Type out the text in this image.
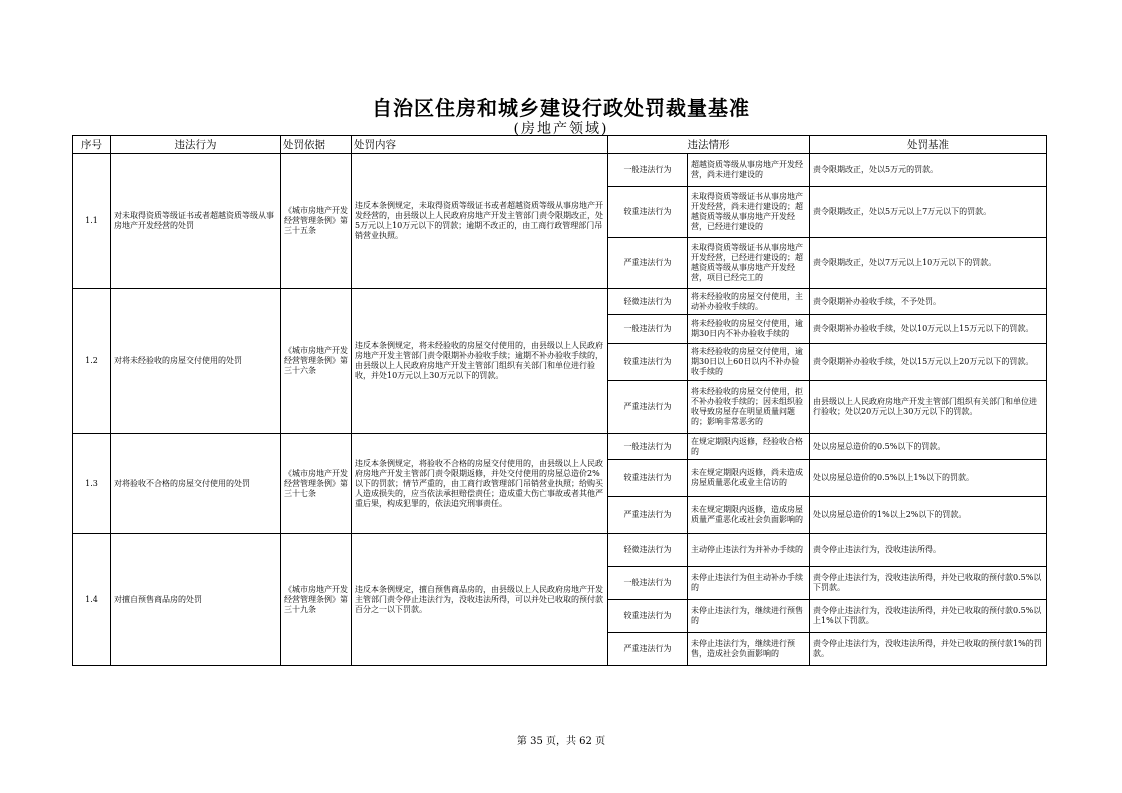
自治区住房和城乡建设行政处罚裁量基准
(房地产领域)
序号	违法行为	处罚依据	处罚内容	违法情形		处罚基准
1.1	对未取得资质等级证书或者超越资质等级从事房地产开发经营的处罚	《城市房地产开发经营管理条例》第三十五条	违反本条例规定，未取得资质等级证书或者超越资质等级从事房地产开发经营的，由县级以上人民政府房地产开发主管部门责令限期改正，处5万元以上10万元以下的罚款；逾期不改正的，由工商行政管理部门吊销营业执照。	一般违法行为	超越资质等级从事房地产开发经营，尚未进行建设的	责令限期改正，处以5万元的罚款。
				较重违法行为	未取得资质等级证书从事房地产开发经营，尚未进行建设的；超越资质等级从事房地产开发经营，已经进行建设的	责令限期改正，处以5万元以上7万元以下的罚款。
				严重违法行为	未取得资质等级证书从事房地产开发经营，已经进行建设的；超越资质等级从事房地产开发经营，项目已经完工的	责令限期改正，处以7万元以上10万元以下的罚款。
1.2	对将未经验收的房屋交付使用的处罚	《城市房地产开发经营管理条例》第三十六条	违反本条例规定，将未经验收的房屋交付使用的，由县级以上人民政府房地产开发主管部门责令限期补办验收手续；逾期不补办验收手续的，由县级以上人民政府房地产开发主管部门组织有关部门和单位进行验收，并处10万元以上30万元以下的罚款。	轻微违法行为	将未经验收的房屋交付使用，主动补办验收手续的。	责令限期补办验收手续，不予处罚。
				一般违法行为	将未经验收的房屋交付使用，逾期30日内不补办验收手续的	责令限期补办验收手续，处以10万元以上15万元以下的罚款。
				较重违法行为	将未经验收的房屋交付使用，逾期30日以上60日以内不补办验收手续的	责令限期补办验收手续，处以15万元以上20万元以下的罚款。
				严重违法行为	将未经验收的房屋交付使用，拒不补办验收手续的；因未组织验收导致房屋存在明显质量问题的；影响非常恶劣的	由县级以上人民政府房地产开发主管部门组织有关部门和单位进行验收；处以20万元以上30万元以下的罚款。
1.3	对将验收不合格的房屋交付使用的处罚	《城市房地产开发经营管理条例》第三十七条	违反本条例规定，将验收不合格的房屋交付使用的，由县级以上人民政府房地产开发主管部门责令限期返修，并处交付使用的房屋总造价2%以下的罚款；情节严重的，由工商行政管理部门吊销营业执照；给购买人造成损失的，应当依法承担赔偿责任；造成重大伤亡事故或者其他严重后果，构成犯罪的，依法追究刑事责任。	一般违法行为	在规定期限内返修，经验收合格的	处以房屋总造价的0.5%以下的罚款。
				较重违法行为	未在规定期限内返修，尚未造成房屋质量恶化或业主信访的	处以房屋总造价的0.5%以上1%以下的罚款。
				严重违法行为	未在规定期限内返修，造成房屋质量严重恶化或社会负面影响的	处以房屋总造价的1%以上2%以下的罚款。
1.4	对擅自预售商品房的处罚	《城市房地产开发经营管理条例》第三十九条	违反本条例规定，擅自预售商品房的，由县级以上人民政府房地产开发主管部门责令停止违法行为，没收违法所得，可以并处已收取的预付款百分之一以下罚款。	轻微违法行为	主动停止违法行为并补办手续的	责令停止违法行为，没收违法所得。
				一般违法行为	未停止违法行为但主动补办手续的	责令停止违法行为，没收违法所得，并处已收取的预付款0.5%以下罚款。
				较重违法行为	未停止违法行为，继续进行预售的	责令停止违法行为，没收违法所得，并处已收取的预付款0.5%以上1%以下罚款。
				严重违法行为	未停止违法行为，继续进行预售，造成社会负面影响的	责令停止违法行为，没收违法所得，并处已收取的预付款1%的罚款。
第 35 页，共 62 页
